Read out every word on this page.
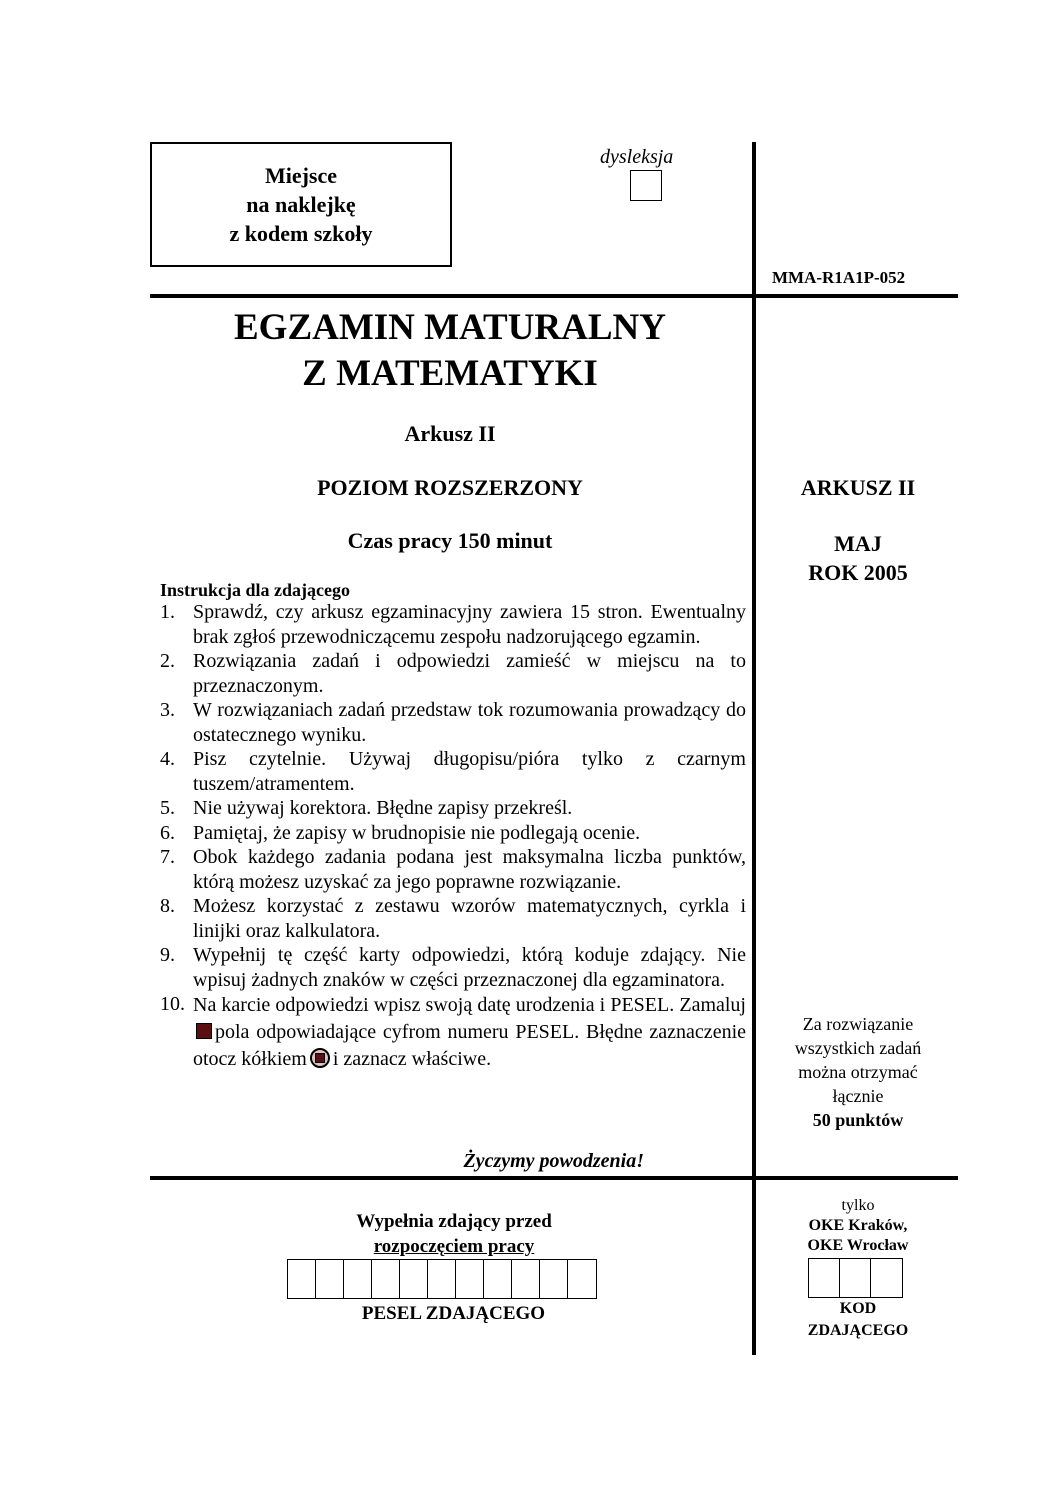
Miejsce
na naklejkę
z kodem szkoły
dysleksja
MMA-R1A1P-052
EGZAMIN MATURALNY
Z MATEMATYKI
Arkusz II
POZIOM ROZSZERZONY
Czas pracy 150 minut
ARKUSZ II
MAJ
ROK 2005
Instrukcja dla zdającego
1. Sprawdź, czy arkusz egzaminacyjny zawiera 15 stron. Ewentualny brak zgłoś przewodniczącemu zespołu nadzorującego egzamin.
2. Rozwiązania zadań i odpowiedzi zamieść w miejscu na to przeznaczonym.
3. W rozwiązaniach zadań przedstaw tok rozumowania prowadzący do ostatecznego wyniku.
4. Pisz czytelnie. Używaj długopisu/pióra tylko z czarnym tuszem/atramentem.
5. Nie używaj korektora. Błędne zapisy przekreśl.
6. Pamiętaj, że zapisy w brudnopisie nie podlegają ocenie.
7. Obok każdego zadania podana jest maksymalna liczba punktów, którą możesz uzyskać za jego poprawne rozwiązanie.
8. Możesz korzystać z zestawu wzorów matematycznych, cyrkla i linijki oraz kalkulatora.
9. Wypełnij tę część karty odpowiedzi, którą koduje zdający. Nie wpisuj żadnych znaków w części przeznaczonej dla egzaminatora.
10. Na karcie odpowiedzi wpisz swoją datę urodzenia i PESEL. Zamalujpola odpowiadające cyfrom numeru PESEL. Błędne zaznaczenie otocz kółkiem i zaznacz właściwe.
Za rozwiązanie
wszystkich zadań
można otrzymać
łącznie
50 punktów
Życzymy powodzenia!
Wypełnia zdający przed
rozpoczęciem pracy
PESEL ZDAJĄCEGO
tylko
OKE Kraków,
OKE Wrocław
KOD
ZDAJĄCEGO
